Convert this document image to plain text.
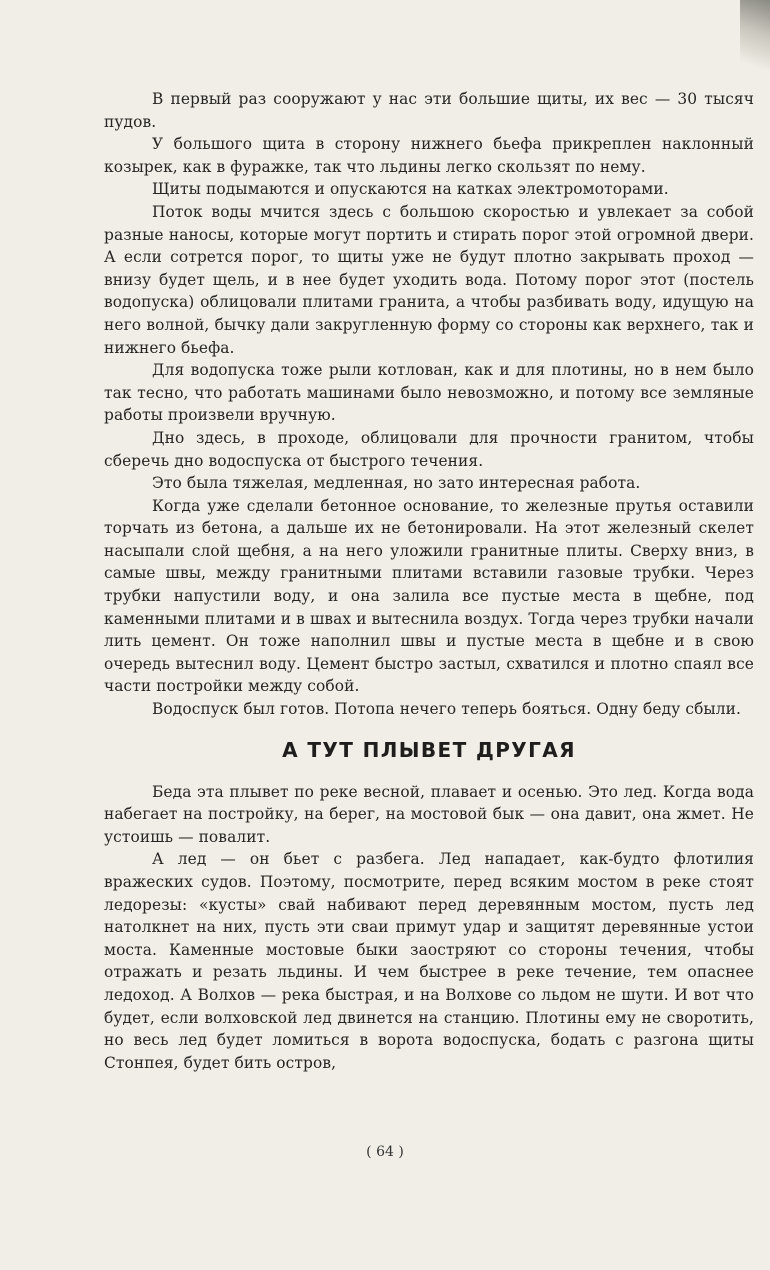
В первый раз сооружают у нас эти большие щиты, их вес — 30 тысяч пудов.

У большого щита в сторону нижнего бьефа прикреплен наклонный козырек, как в фуражке, так что льдины легко скользят по нему.

Щиты подымаются и опускаются на катках электромоторами.

Поток воды мчится здесь с большою скоростью и увлекает за собой разные наносы, которые могут портить и стирать порог этой огромной двери. А если сотрется порог, то щиты уже не будут плотно закрывать проход — внизу будет щель, и в нее будет уходить вода. Потому порог этот (постель водопуска) облицовали плитами гранита, а чтобы разбивать воду, идущую на него волной, бычку дали закругленную форму со стороны как верхнего, так и нижнего бьефа.

Для водопуска тоже рыли котлован, как и для плотины, но в нем было так тесно, что работать машинами было невозможно, и потому все земляные работы произвели вручную.

Дно здесь, в проходе, облицовали для прочности гранитом, чтобы сберечь дно водоспуска от быстрого течения.

Это была тяжелая, медленная, но зато интересная работа.

Когда уже сделали бетонное основание, то железные прутья оставили торчать из бетона, а дальше их не бетонировали. На этот железный скелет насыпали слой щебня, а на него уложили гранитные плиты. Сверху вниз, в самые швы, между гранитными плитами вставили газовые трубки. Через трубки напустили воду, и она залила все пустые места в щебне, под каменными плитами и в швах и вытеснила воздух. Тогда через трубки начали лить цемент. Он тоже наполнил швы и пустые места в щебне и в свою очередь вытеснил воду. Цемент быстро застыл, схватился и плотно спаял все части постройки между собой.

Водоспуск был готов. Потопа нечего теперь бояться. Одну беду сбыли.

А ТУТ ПЛЫВЕТ ДРУГАЯ

Беда эта плывет по реке весной, плавает и осенью. Это лед. Когда вода набегает на постройку, на берег, на мостовой бык — она давит, она жмет. Не устоишь — повалит.

А лед — он бьет с разбега. Лед нападает, как-будто флотилия вражеских судов. Поэтому, посмотрите, перед всяким мостом в реке стоят ледорезы: «кусты» свай набивают перед деревянным мостом, пусть лед натолкнет на них, пусть эти сваи примут удар и защитят деревянные устои моста. Каменные мостовые быки заостряют со стороны течения, чтобы отражать и резать льдины. И чем быстрее в реке течение, тем опаснее ледоход. А Волхов — река быстрая, и на Волхове со льдом не шути. И вот что будет, если волховской лед двинется на станцию. Плотины ему не своротить, но весь лед будет ломиться в ворота водоспуска, бодать с разгона щиты Стонпея, будет бить остров,

( 64 )
